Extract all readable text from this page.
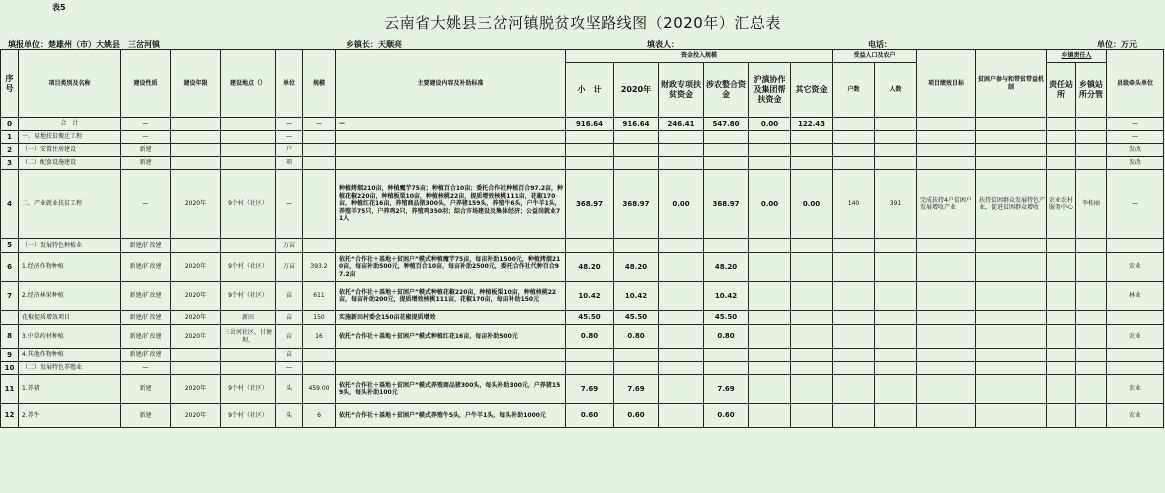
表5
云南省大姚县三岔河镇脱贫攻坚路线图（2020年）汇总表
填报单位：楚雄州（市）大姚县　三岔河镇	乡镇长：天顺亮	填表人：	电话：	单位：万元
序号	项目类别及名称	建设性质	建设年限	建设地点（）	单位	规模	主要建设内容及补助标准	资金投入规模						受益人口及农户		项目绩效目标	贫困户参与和带贫带益机制	乡镇责任人		县级牵头单位
								小　计	2020年	财政专项扶贫资金	涉农整合资金	沪滇协作及集团帮扶资金	其它资金	户数	人数			责任站所	乡镇站所分管	

0	合　计	—			—	—	—	916.64	916.64	246.41	547.80	0.00	122.43							—
1	一、易地扶贫搬迁工程	—			—															—
2	（一）安置住房建设	新建			户															发改
3	（二）配套设施建设	新建			项															发改
4	二、产业就业扶贫工程	—	2020年	9个村（社区）	—		种植烤烟210亩，种植魔芋75亩；种植百合10亩；委托合作社种植百合97.2亩，种植花椒220亩，种植板栗10亩，种植核桃22亩，提质增效核桃111亩，花椒170亩，种植红花16亩，养殖商品猪300头，户养猪159头，养殖牛6头，户牛羊1头，养殖羊75只，户养鸡2只，养殖鸡350羽；综合市场建设及集体经济；公益岗就业71人	368.97	368.97	0.00	368.97	0.00	0.00	140	391	完成扶持4户贫困户发展增收产业	扶持贫困群众发展特色产业，促进贫困群众增收	农业农村服务中心	李桂丽	—
5	（一）发展特色种植业	新建/扩改建			万亩															
6	1.经济作物种植	新建/扩改建	2020年	9个村（社区）	万亩	393.2	依托“合作社＋基地＋贫困户”模式种植魔芋75亩，每亩补助1500元，种植烤烟210亩，每亩补助500元，种植百合10亩，每亩补助2500元，委托合作社代种百合97.2亩	48.20	48.20		48.20									农业
7	2.经济林果种植	新建/扩改建	2020年	9个村（社区）	亩	611	依托“合作社＋基地＋贫困户”模式种植花椒220亩，种植板栗10亩，种植核桃22亩，每亩补助200元，提质增效核桃111亩，花椒170亩，每亩补助150元	10.42	10.42		10.42									林业
	花椒提质增效项目	新建/扩改建	2020年	新田	亩	150	实施新田村委会150亩花椒提质增效	45.50	45.50		45.50									
8	3.中草药材种植	新建/扩改建	2020年	三岔河社区、甘塘坝、	亩	16	依托“合作社＋基地＋贫困户”模式种植红花16亩，每亩补助500元	0.80	0.80		0.80									农业
9	4.其他作物种植	新建/扩改建			亩															
10	（二）发展特色养殖业	—			—															
11	1.养猪	新建	2020年	9个村（社区）	头	459.00	依托“合作社＋基地＋贫困户”模式养殖商品猪300头，每头补助300元，户养猪159头，每头补助100元	7.69	7.69		7.69									农业
12	2.养牛	新建	2020年	9个村（社区）	头	6	依托“合作社＋基地＋贫困户”模式养殖牛5头，户牛羊1头，每头补助1000元	0.60	0.60		0.60									农业
